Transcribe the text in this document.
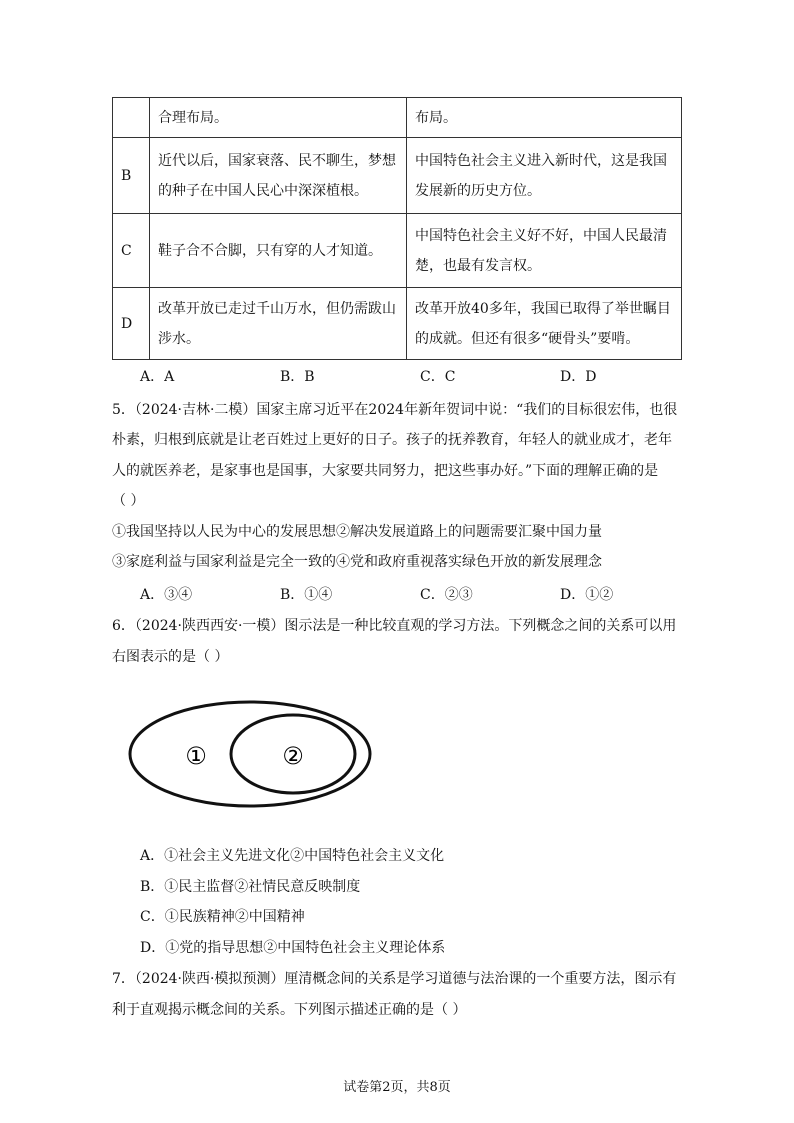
	合理布局。	布局。
B	近代以后，国家衰落、民不聊生，梦想的种子在中国人民心中深深植根。	中国特色社会主义进入新时代，这是我国发展新的历史方位。
C	鞋子合不合脚，只有穿的人才知道。	中国特色社会主义好不好，中国人民最清楚，也最有发言权。
D	改革开放已走过千山万水，但仍需跋山涉水。	改革开放40多年，我国已取得了举世瞩目的成就。但还有很多“硬骨头”要啃。
A．A	B．B	C．C	D．D
5．（2024·吉林·二模）国家主席习近平在2024年新年贺词中说：“我们的目标很宏伟，也很
朴素，归根到底就是让老百姓过上更好的日子。孩子的抚养教育，年轻人的就业成才，老年
人的就医养老，是家事也是国事，大家要共同努力，把这些事办好。”下面的理解正确的是
（ ）
①我国坚持以人民为中心的发展思想②解决发展道路上的问题需要汇聚中国力量
③家庭利益与国家利益是完全一致的④党和政府重视落实绿色开放的新发展理念
A．③④	B．①④	C．②③	D．①②
6．（2024·陕西西安·一模）图示法是一种比较直观的学习方法。下列概念之间的关系可以用
右图表示的是（ ）
①	②
A．①社会主义先进文化②中国特色社会主义文化
B．①民主监督②社情民意反映制度
C．①民族精神②中国精神
D．①党的指导思想②中国特色社会主义理论体系
7．（2024·陕西·模拟预测）厘清概念间的关系是学习道德与法治课的一个重要方法，图示有
利于直观揭示概念间的关系。下列图示描述正确的是（ ）
试卷第2页，共8页
